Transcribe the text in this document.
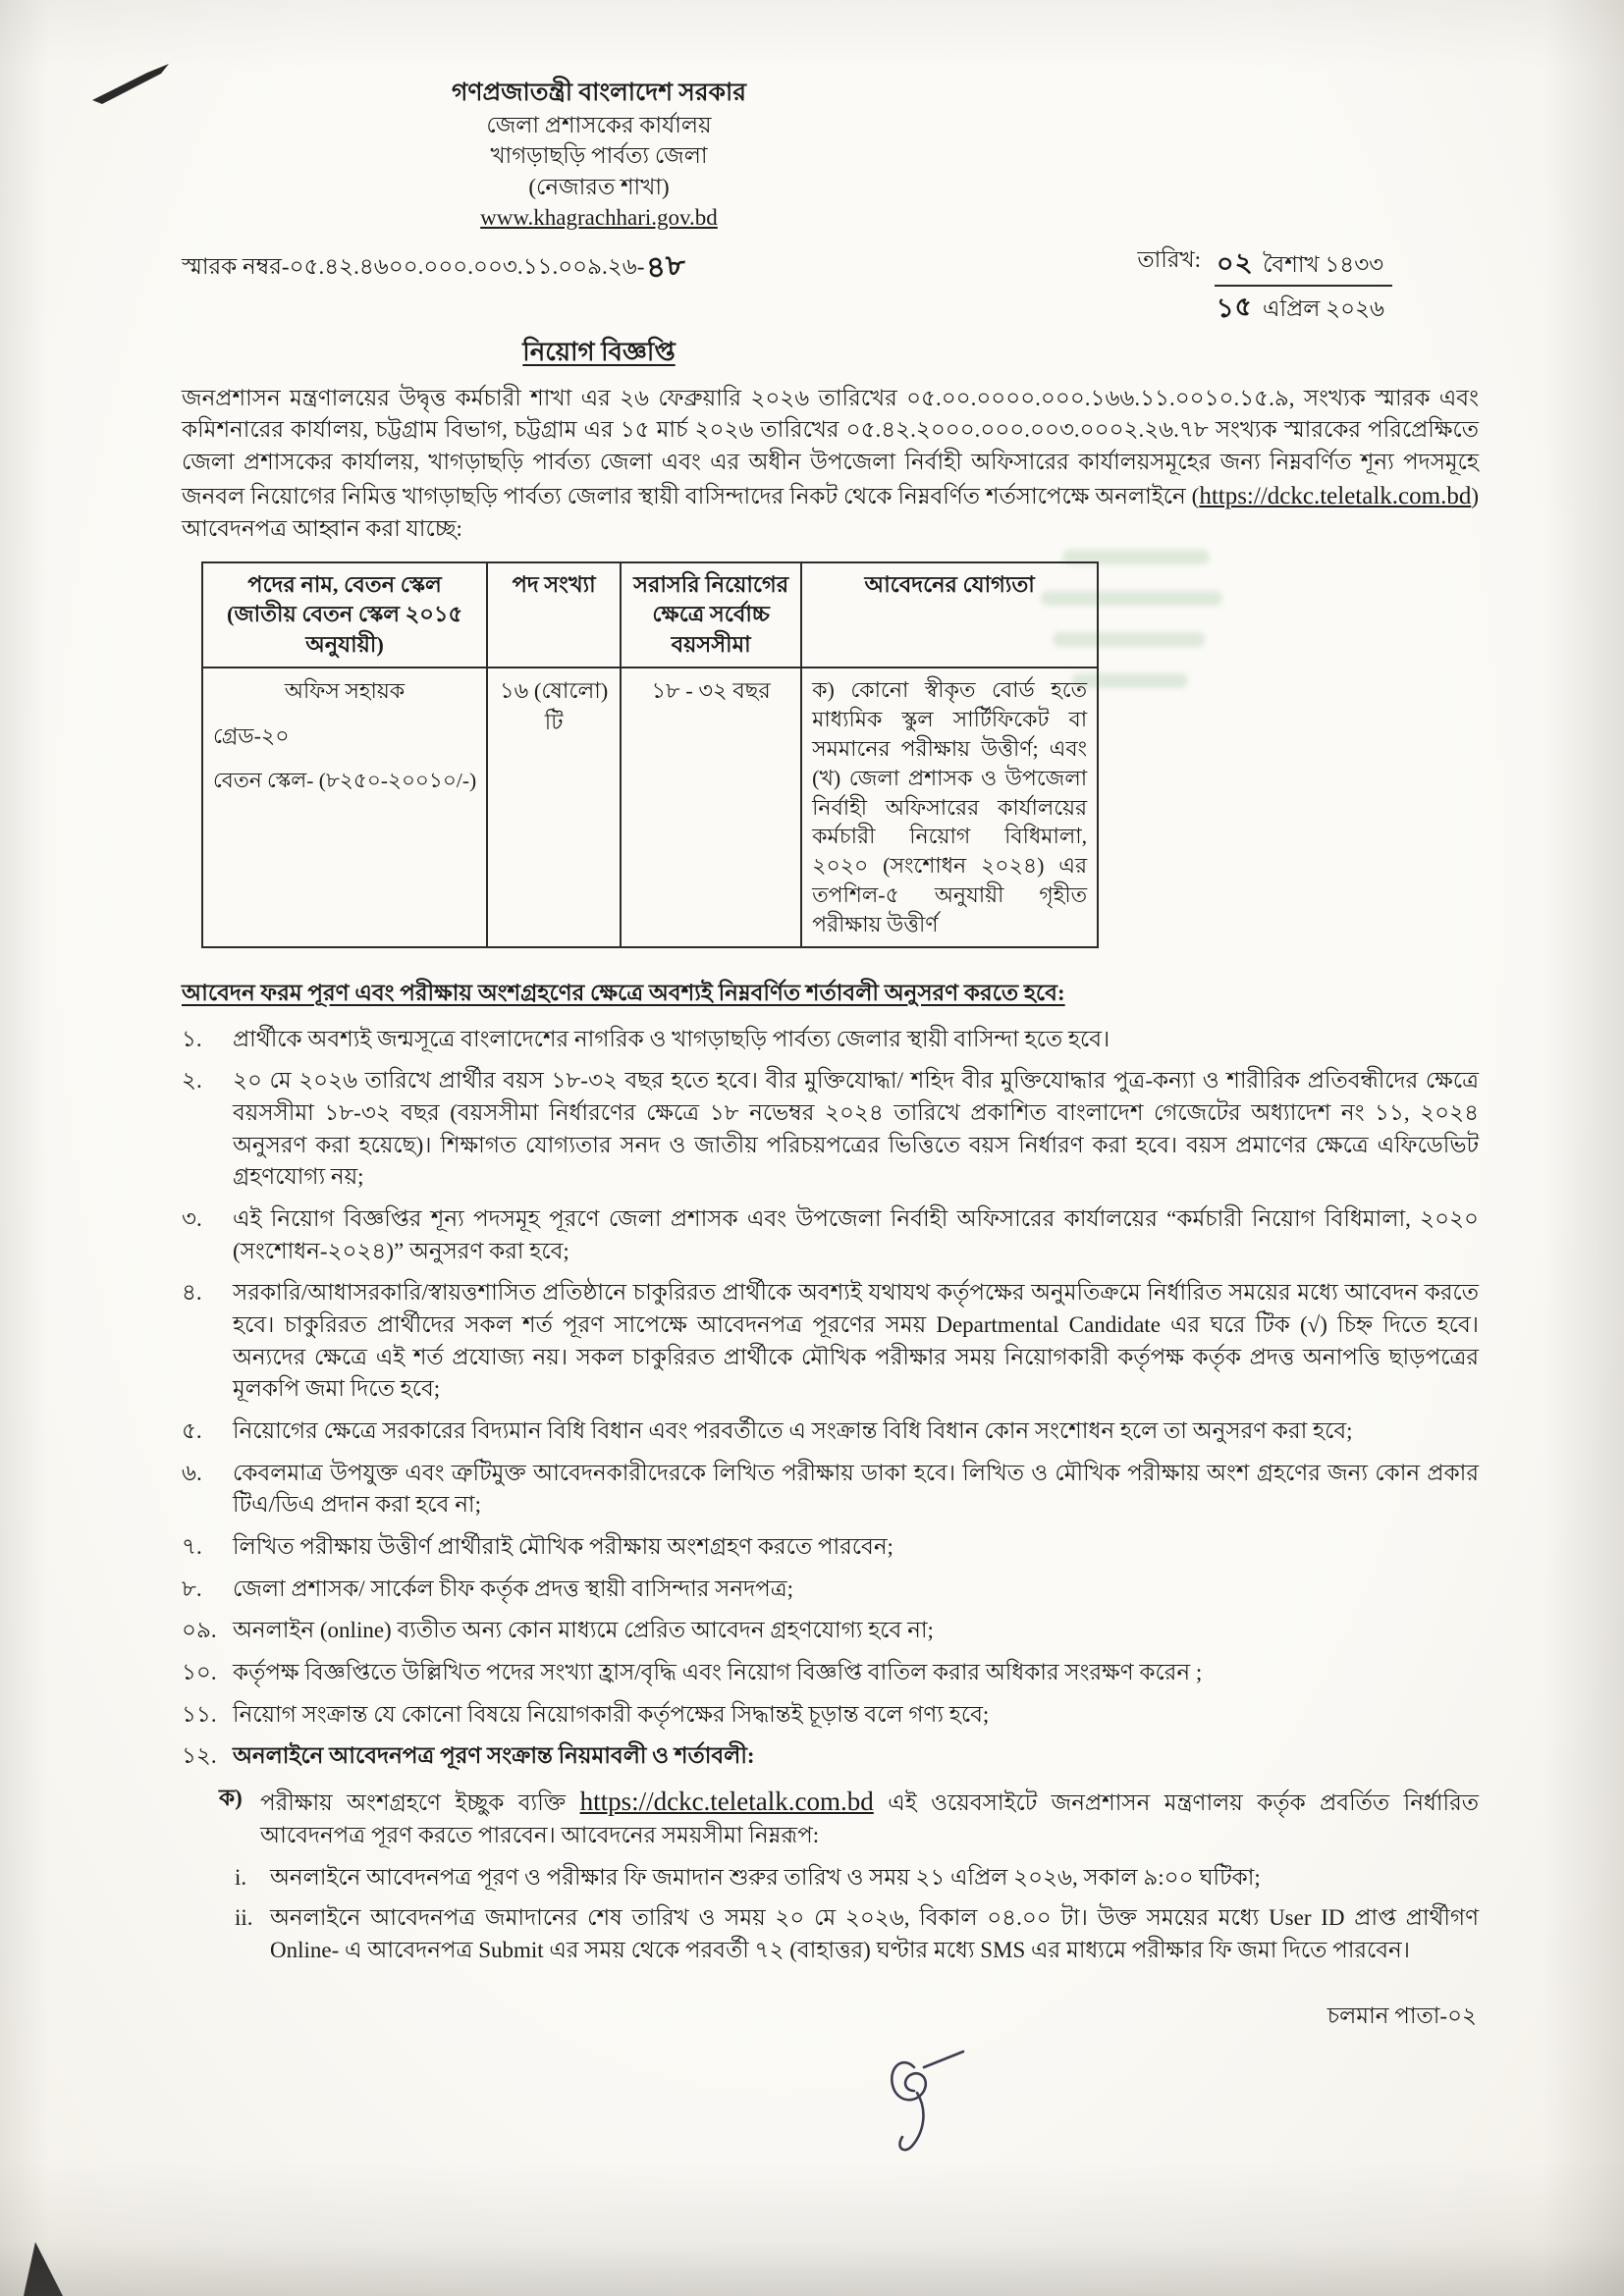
গণপ্রজাতন্ত্রী বাংলাদেশ সরকার
জেলা প্রশাসকের কার্যালয়
খাগড়াছড়ি পার্বত্য জেলা
(নেজারত শাখা)
www.khagrachhari.gov.bd
স্মারক নম্বর-০৫.৪২.৪৬০০.০০০.০০৩.১১.০০৯.২৬-৪৮	তারিখ: ০২ বৈশাখ ১৪৩৩
১৫ এপ্রিল ২০২৬
নিয়োগ বিজ্ঞপ্তি

জনপ্রশাসন মন্ত্রণালয়ের উদ্বৃত্ত কর্মচারী শাখা এর ২৬ ফেব্রুয়ারি ২০২৬ তারিখের ০৫.০০.০০০০.০০০.১৬৬.১১.০০১০.১৫.৯, সংখ্যক স্মারক এবং কমিশনারের কার্যালয়, চট্টগ্রাম বিভাগ, চট্টগ্রাম এর ১৫ মার্চ ২০২৬ তারিখের ০৫.৪২.২০০০.০০০.০০৩.০০০২.২৬.৭৮ সংখ্যক স্মারকের পরিপ্রেক্ষিতে জেলা প্রশাসকের কার্যালয়, খাগড়াছড়ি পার্বত্য জেলা এবং এর অধীন উপজেলা নির্বাহী অফিসারের কার্যালয়সমূহের জন্য নিম্নবর্ণিত শূন্য পদসমূহে জনবল নিয়োগের নিমিত্ত খাগড়াছড়ি পার্বত্য জেলার স্থায়ী বাসিন্দাদের নিকট থেকে নিম্নবর্ণিত শর্তসাপেক্ষে অনলাইনে (https://dckc.teletalk.com.bd) আবেদনপত্র আহ্বান করা যাচ্ছে:

পদের নাম, বেতন স্কেল (জাতীয় বেতন স্কেল ২০১৫ অনুযায়ী)	পদ সংখ্যা	সরাসরি নিয়োগের ক্ষেত্রে সর্বোচ্চ বয়সসীমা	আবেদনের যোগ্যতা

অফিস সহায়ক
গ্রেড-২০
বেতন স্কেল- (৮২৫০-২০০১০/-)
	১৬ (ষোলো) টি	১৮ - ৩২ বছর	ক) কোনো স্বীকৃত বোর্ড হতে মাধ্যমিক স্কুল সার্টিফিকেট বা সমমানের পরীক্ষায় উত্তীর্ণ; এবং (খ) জেলা প্রশাসক ও উপজেলা নির্বাহী অফিসারের কার্যালয়ের কর্মচারী নিয়োগ বিধিমালা, ২০২০ (সংশোধন ২০২৪) এর তপশিল-৫ অনুযায়ী গৃহীত পরীক্ষায় উত্তীর্ণ
আবেদন ফরম পূরণ এবং পরীক্ষায় অংশগ্রহণের ক্ষেত্রে অবশ্যই নিম্নবর্ণিত শর্তাবলী অনুসরণ করতে হবে:
১.	প্রার্থীকে অবশ্যই জন্মসূত্রে বাংলাদেশের নাগরিক ও খাগড়াছড়ি পার্বত্য জেলার স্থায়ী বাসিন্দা হতে হবে।
২.	২০ মে ২০২৬ তারিখে প্রার্থীর বয়স ১৮-৩২ বছর হতে হবে। বীর মুক্তিযোদ্ধা/ শহিদ বীর মুক্তিযোদ্ধার পুত্র-কন্যা ও শারীরিক প্রতিবন্ধীদের ক্ষেত্রে বয়সসীমা ১৮-৩২ বছর (বয়সসীমা নির্ধারণের ক্ষেত্রে ১৮ নভেম্বর ২০২৪ তারিখে প্রকাশিত বাংলাদেশ গেজেটের অধ্যাদেশ নং ১১, ২০২৪ অনুসরণ করা হয়েছে)। শিক্ষাগত যোগ্যতার সনদ ও জাতীয় পরিচয়পত্রের ভিত্তিতে বয়স নির্ধারণ করা হবে। বয়স প্রমাণের ক্ষেত্রে এফিডেভিট গ্রহণযোগ্য নয়;
৩.	এই নিয়োগ বিজ্ঞপ্তির শূন্য পদসমূহ পূরণে জেলা প্রশাসক এবং উপজেলা নির্বাহী অফিসারের কার্যালয়ের “কর্মচারী নিয়োগ বিধিমালা, ২০২০ (সংশোধন-২০২৪)” অনুসরণ করা হবে;
৪.	সরকারি/আধাসরকারি/স্বায়ত্তশাসিত প্রতিষ্ঠানে চাকুরিরত প্রার্থীকে অবশ্যই যথাযথ কর্তৃপক্ষের অনুমতিক্রমে নির্ধারিত সময়ের মধ্যে আবেদন করতে হবে। চাকুরিরত প্রার্থীদের সকল শর্ত পূরণ সাপেক্ষে আবেদনপত্র পূরণের সময় Departmental Candidate এর ঘরে টিক (√) চিহ্ন দিতে হবে। অন্যদের ক্ষেত্রে এই শর্ত প্রযোজ্য নয়। সকল চাকুরিরত প্রার্থীকে মৌখিক পরীক্ষার সময় নিয়োগকারী কর্তৃপক্ষ কর্তৃক প্রদত্ত অনাপত্তি ছাড়পত্রের মূলকপি জমা দিতে হবে;
৫.	নিয়োগের ক্ষেত্রে সরকারের বিদ্যমান বিধি বিধান এবং পরবর্তীতে এ সংক্রান্ত বিধি বিধান কোন সংশোধন হলে তা অনুসরণ করা হবে;
৬.	কেবলমাত্র উপযুক্ত এবং ত্রুটিমুক্ত আবেদনকারীদেরকে লিখিত পরীক্ষায় ডাকা হবে। লিখিত ও মৌখিক পরীক্ষায় অংশ গ্রহণের জন্য কোন প্রকার টিএ/ডিএ প্রদান করা হবে না;
৭.	লিখিত পরীক্ষায় উত্তীর্ণ প্রার্থীরাই মৌখিক পরীক্ষায় অংশগ্রহণ করতে পারবেন;
৮.	জেলা প্রশাসক/ সার্কেল চীফ কর্তৃক প্রদত্ত স্থায়ী বাসিন্দার সনদপত্র;
০৯. অনলাইন (online) ব্যতীত অন্য কোন মাধ্যমে প্রেরিত আবেদন গ্রহণযোগ্য হবে না;
১০. কর্তৃপক্ষ বিজ্ঞপ্তিতে উল্লিখিত পদের সংখ্যা হ্রাস/বৃদ্ধি এবং নিয়োগ বিজ্ঞপ্তি বাতিল করার অধিকার সংরক্ষণ করেন ;
১১. নিয়োগ সংক্রান্ত যে কোনো বিষয়ে নিয়োগকারী কর্তৃপক্ষের সিদ্ধান্তই চূড়ান্ত বলে গণ্য হবে;
১২. অনলাইনে আবেদনপত্র পূরণ সংক্রান্ত নিয়মাবলী ও শর্তাবলী:
ক) পরীক্ষায় অংশগ্রহণে ইচ্ছুক ব্যক্তি https://dckc.teletalk.com.bd এই ওয়েবসাইটে জনপ্রশাসন মন্ত্রণালয় কর্তৃক প্রবর্তিত নির্ধারিত আবেদনপত্র পূরণ করতে পারবেন। আবেদনের সময়সীমা নিম্নরূপ:
i.	অনলাইনে আবেদনপত্র পূরণ ও পরীক্ষার ফি জমাদান শুরুর তারিখ ও সময় ২১ এপ্রিল ২০২৬, সকাল ৯:০০ ঘটিকা;
ii. অনলাইনে আবেদনপত্র জমাদানের শেষ তারিখ ও সময় ২০ মে ২০২৬, বিকাল ০৪.০০ টা। উক্ত সময়ের মধ্যে User ID প্রাপ্ত প্রার্থীগণ Online- এ আবেদনপত্র Submit এর সময় থেকে পরবর্তী ৭২ (বাহাত্তর) ঘণ্টার মধ্যে SMS এর মাধ্যমে পরীক্ষার ফি জমা দিতে পারবেন।
চলমান পাতা-০২
